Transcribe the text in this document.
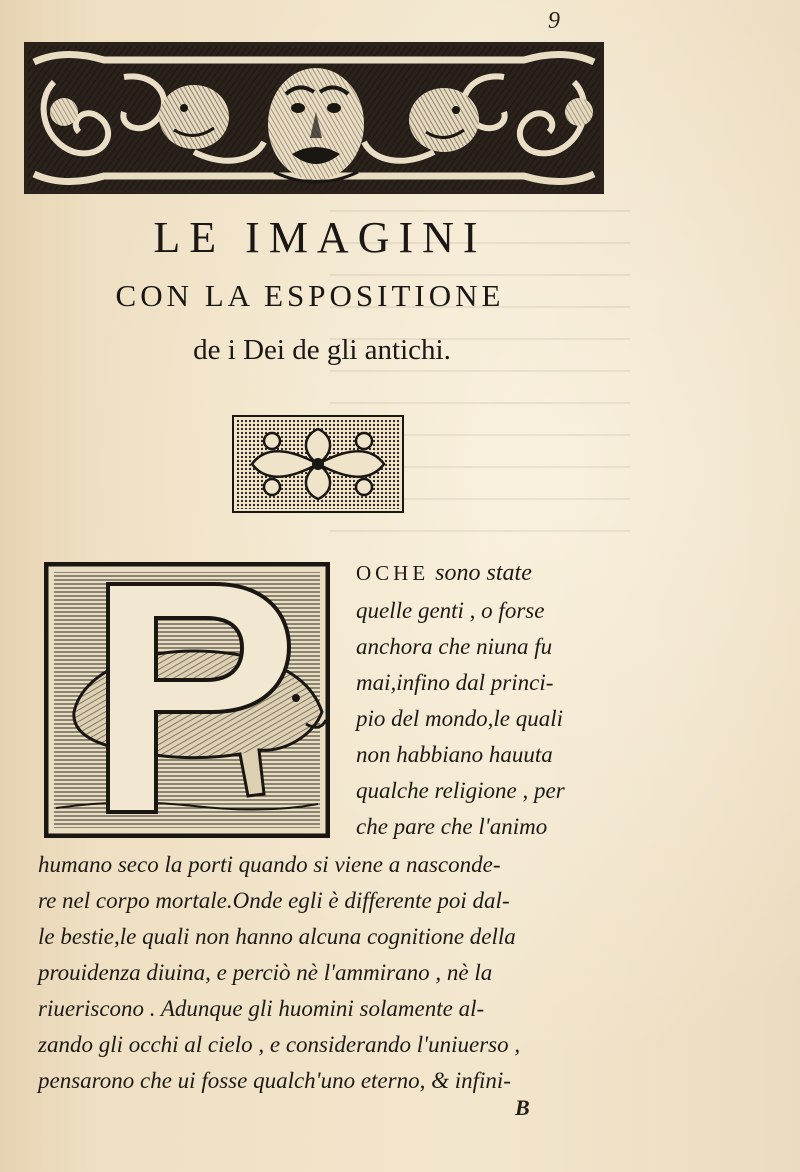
9
LE IMAGINI
CON LA ESPOSITIONE
de i Dei de gli antichi.
OCHE sono state
quelle genti , o forse
anchora che niuna fu
mai,infino dal princi-
pio del mondo,le quali
non habbiano hauuta
qualche religione , per
che pare che l'animo
humano seco la porti quando si viene a nasconde-
re nel corpo mortale.Onde egli è differente poi dal-
le bestie,le quali non hanno alcuna cognitione della
prouidenza diuina, e perciò nè l'ammirano , nè la
riueriscono . Adunque gli huomini solamente al-
zando gli occhi al cielo , e considerando l'uniuerso ,
pensarono che ui fosse qualch'uno eterno, & infini-
B
